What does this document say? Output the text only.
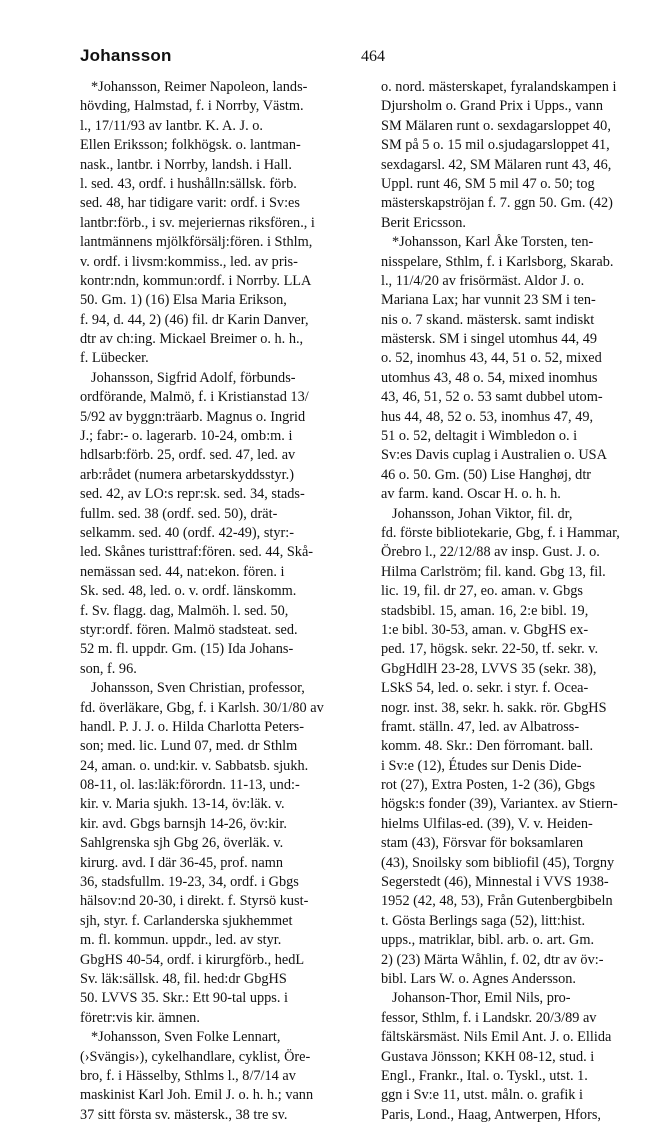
Johansson	464
*Johansson, Reimer Napoleon, lands-
hövding, Halmstad, f. i Norrby, Västm.
l., 17/11/93 av lantbr. K. A. J. o.
Ellen Eriksson; folkhögsk. o. lantman-
nask., lantbr. i Norrby, landsh. i Hall.
l. sed. 43, ordf. i hushålln:sällsk. förb.
sed. 48, har tidigare varit: ordf. i Sv:es
lantbr:förb., i sv. mejeriernas riksfören., i
lantmännens mjölkförsälj:fören. i Sthlm,
v. ordf. i livsm:kommiss., led. av pris-
kontr:ndn, kommun:ordf. i Norrby. LLA
50. Gm. 1) (16) Elsa Maria Erikson,
f. 94, d. 44, 2) (46) fil. dr Karin Danver,
dtr av ch:ing. Mickael Breimer o. h. h.,
f. Lübecker.
Johansson, Sigfrid Adolf, förbunds-
ordförande, Malmö, f. i Kristianstad 13/
5/92 av byggn:träarb. Magnus o. Ingrid
J.; fabr:- o. lagerarb. 10-24, omb:m. i
hdlsarb:förb. 25, ordf. sed. 47, led. av
arb:rådet (numera arbetarskyddsstyr.)
sed. 42, av LO:s repr:sk. sed. 34, stads-
fullm. sed. 38 (ordf. sed. 50), drät-
selkamm. sed. 40 (ordf. 42-49), styr:-
led. Skånes turisttraf:fören. sed. 44, Skå-
nemässan sed. 44, nat:ekon. fören. i
Sk. sed. 48, led. o. v. ordf. länskomm.
f. Sv. flagg. dag, Malmöh. l. sed. 50,
styr:ordf. fören. Malmö stadsteat. sed.
52 m. fl. uppdr. Gm. (15) Ida Johans-
son, f. 96.
Johansson, Sven Christian, professor,
fd. överläkare, Gbg, f. i Karlsh. 30/1/80 av
handl. P. J. J. o. Hilda Charlotta Peters-
son; med. lic. Lund 07, med. dr Sthlm
24, aman. o. und:kir. v. Sabbatsb. sjukh.
08-11, ol. las:läk:förordn. 11-13, und:-
kir. v. Maria sjukh. 13-14, öv:läk. v.
kir. avd. Gbgs barnsjh 14-26, öv:kir.
Sahlgrenska sjh Gbg 26, överläk. v.
kirurg. avd. I där 36-45, prof. namn
36, stadsfullm. 19-23, 34, ordf. i Gbgs
hälsov:nd 20-30, i direkt. f. Styrsö kust-
sjh, styr. f. Carlanderska sjukhemmet
m. fl. kommun. uppdr., led. av styr.
GbgHS 40-54, ordf. i kirurgförb., hedL
Sv. läk:sällsk. 48, fil. hed:dr GbgHS
50. LVVS 35. Skr.: Ett 90-tal upps. i
företr:vis kir. ämnen.
*Johansson, Sven Folke Lennart,
(›Svängis›), cykelhandlare, cyklist, Öre-
bro, f. i Hässelby, Sthlms l., 8/7/14 av
maskinist Karl Joh. Emil J. o. h. h.; vann
37 sitt första sv. mästersk., 38 tre sv.
o. nord. mästerskapet, fyralandskampen i
Djursholm o. Grand Prix i Upps., vann
SM Mälaren runt o. sexdagarsloppet 40,
SM på 5 o. 15 mil o.sjudagarsloppet 41,
sexdagarsl. 42, SM Mälaren runt 43, 46,
Uppl. runt 46, SM 5 mil 47 o. 50; tog
mästerskapströjan f. 7. ggn 50. Gm. (42)
Berit Ericsson.
*Johansson, Karl Åke Torsten, ten-
nisspelare, Sthlm, f. i Karlsborg, Skarab.
l., 11/4/20 av frisörmäst. Aldor J. o.
Mariana Lax; har vunnit 23 SM i ten-
nis o. 7 skand. mästersk. samt indiskt
mästersk. SM i singel utomhus 44, 49
o. 52, inomhus 43, 44, 51 o. 52, mixed
utomhus 43, 48 o. 54, mixed inomhus
43, 46, 51, 52 o. 53 samt dubbel utom-
hus 44, 48, 52 o. 53, inomhus 47, 49,
51 o. 52, deltagit i Wimbledon o. i
Sv:es Davis cuplag i Australien o. USA
46 o. 50. Gm. (50) Lise Hanghøj, dtr
av farm. kand. Oscar H. o. h. h.
Johansson, Johan Viktor, fil. dr,
fd. förste bibliotekarie, Gbg, f. i Hammar,
Örebro l., 22/12/88 av insp. Gust. J. o.
Hilma Carlström; fil. kand. Gbg 13, fil.
lic. 19, fil. dr 27, eo. aman. v. Gbgs
stadsbibl. 15, aman. 16, 2:e bibl. 19,
1:e bibl. 30-53, aman. v. GbgHS ex-
ped. 17, högsk. sekr. 22-50, tf. sekr. v.
GbgHdlH 23-28, LVVS 35 (sekr. 38),
LSkS 54, led. o. sekr. i styr. f. Ocea-
nogr. inst. 38, sekr. h. sakk. rör. GbgHS
framt. ställn. 47, led. av Albatross-
komm. 48. Skr.: Den förromant. ball.
i Sv:e (12), Études sur Denis Dide-
rot (27), Extra Posten, 1-2 (36), Gbgs
högsk:s fonder (39), Variantex. av Stiern-
hielms Ulfilas-ed. (39), V. v. Heiden-
stam (43), Försvar för boksamlaren
(43), Snoilsky som bibliofil (45), Torgny
Segerstedt (46), Minnestal i VVS 1938-
1952 (42, 48, 53), Från Gutenbergbibeln
t. Gösta Berlings saga (52), litt:hist.
upps., matriklar, bibl. arb. o. art. Gm.
2) (23) Märta Wåhlin, f. 02, dtr av öv:-
bibl. Lars W. o. Agnes Andersson.
Johanson-Thor, Emil Nils, pro-
fessor, Sthlm, f. i Landskr. 20/3/89 av
fältskärsmäst. Nils Emil Ant. J. o. Ellida
Gustava Jönsson; KKH 08-12, stud. i
Engl., Frankr., Ital. o. Tyskl., utst. 1.
ggn i Sv:e 11, utst. måln. o. grafik i
Paris, Lond., Haag, Antwerpen, Hfors,
